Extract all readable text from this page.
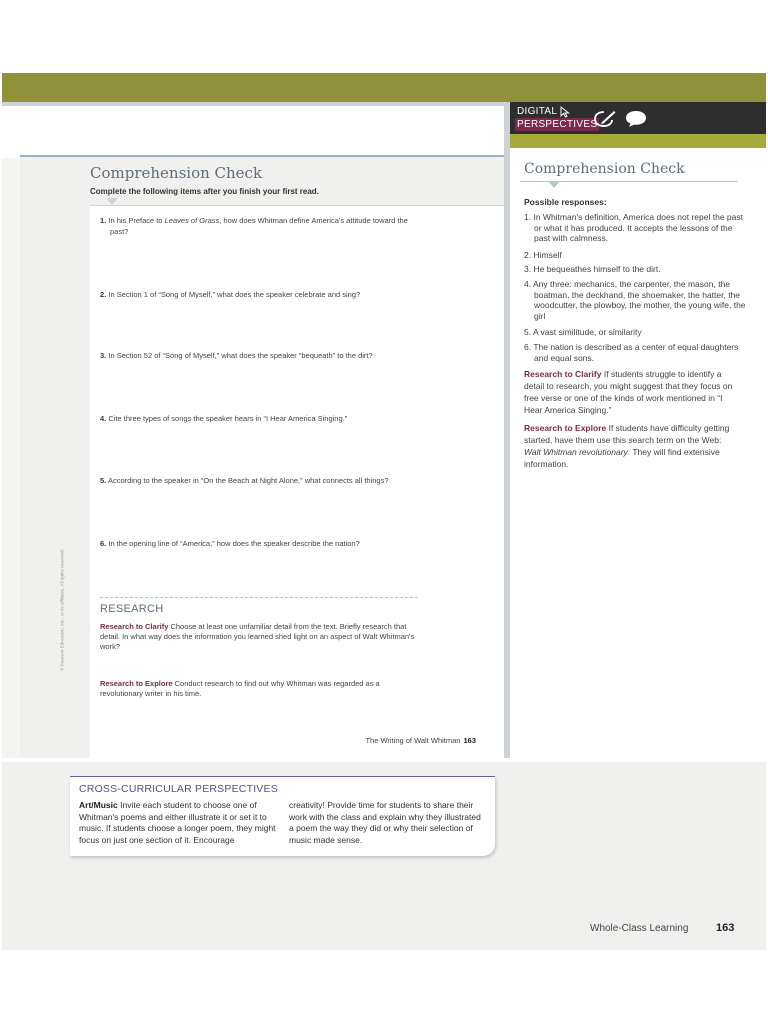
Comprehension Check
Complete the following items after you finish your first read.
1. In his Preface to Leaves of Grass, how does Whitman define America's attitude toward the past?
2. In Section 1 of “Song of Myself,” what does the speaker celebrate and sing?
3. In Section 52 of “Song of Myself,” what does the speaker “bequeath” to the dirt?
4. Cite three types of songs the speaker hears in “I Hear America Singing.”
5. According to the speaker in “On the Beach at Night Alone,” what connects all things?
6. In the opening line of “America,” how does the speaker describe the nation?
RESEARCH
Research to Clarify Choose at least one unfamiliar detail from the text. Briefly research that detail. In what way does the information you learned shed light on an aspect of Walt Whitman's work?
Research to Explore Conduct research to find out why Whitman was regarded as a revolutionary writer in his time.
© Pearson Education, Inc., or its affiliates. All rights reserved.
The Writing of Walt Whitman 163
DIGITAL
PERSPECTIVES
Comprehension Check
Possible responses:
1. In Whitman's definition, America does not repel the past or what it has produced. It accepts the lessons of the past with calmness.
2. Himself
3. He bequeathes himself to the dirt.
4. Any three: mechanics, the carpenter, the mason, the boatman, the deckhand, the shoemaker, the hatter, the woodcutter, the plowboy, the mother, the young wife, the girl
5. A vast similitude, or similarity
6. The nation is described as a center of equal daughters and equal sons.
Research to Clarify If students struggle to identify a detail to research, you might suggest that they focus on free verse or one of the kinds of work mentioned in “I Hear America Singing.”
Research to Explore If students have difficulty getting started, have them use this search term on the Web: Walt Whitman revolutionary. They will find extensive information.
CROSS-CURRICULAR PERSPECTIVES
Art/Music Invite each student to choose one of Whitman's poems and either illustrate it or set it to music. If students choose a longer poem, they might focus on just one section of it. Encourage
creativity! Provide time for students to share their work with the class and explain why they illustrated a poem the way they did or why their selection of music made sense.
Whole-Class Learning	163
